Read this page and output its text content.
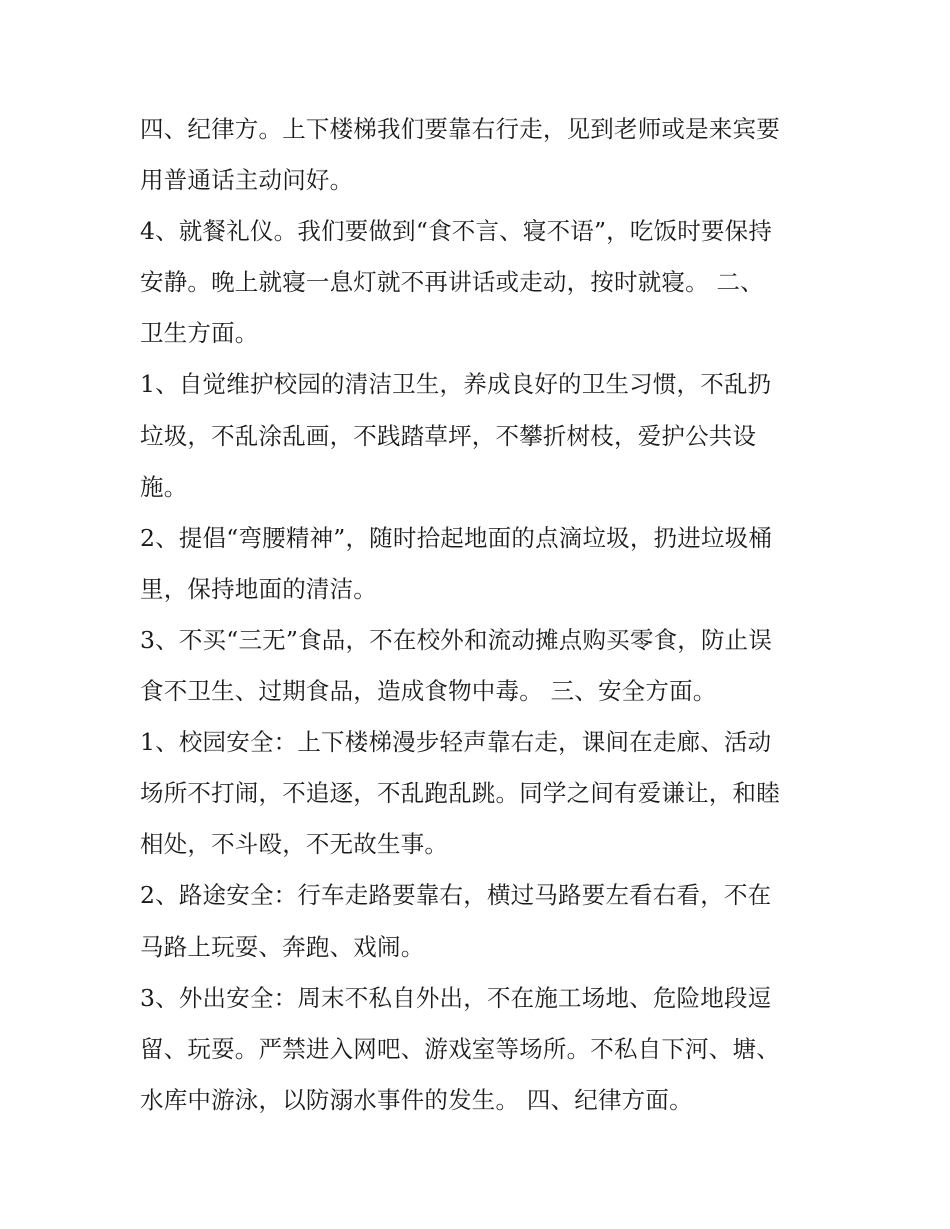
四、纪律方。上下楼梯我们要靠右行走，见到老师或是来宾要
用普通话主动问好。
4、就餐礼仪。我们要做到“食不言、寝不语”，吃饭时要保持
安静。晚上就寝一息灯就不再讲话或走动，按时就寝。 二、
卫生方面。
1、自觉维护校园的清洁卫生，养成良好的卫生习惯，不乱扔
垃圾，不乱涂乱画，不践踏草坪，不攀折树枝，爱护公共设
施。
2、提倡“弯腰精神”，随时拾起地面的点滴垃圾，扔进垃圾桶
里，保持地面的清洁。
3、不买“三无”食品，不在校外和流动摊点购买零食，防止误
食不卫生、过期食品，造成食物中毒。 三、安全方面。
1、校园安全：上下楼梯漫步轻声靠右走，课间在走廊、活动
场所不打闹，不追逐，不乱跑乱跳。同学之间有爱谦让，和睦
相处，不斗殴，不无故生事。
2、路途安全：行车走路要靠右，横过马路要左看右看，不在
马路上玩耍、奔跑、戏闹。
3、外出安全：周末不私自外出，不在施工场地、危险地段逗
留、玩耍。严禁进入网吧、游戏室等场所。不私自下河、塘、
水库中游泳，以防溺水事件的发生。 四、纪律方面。
